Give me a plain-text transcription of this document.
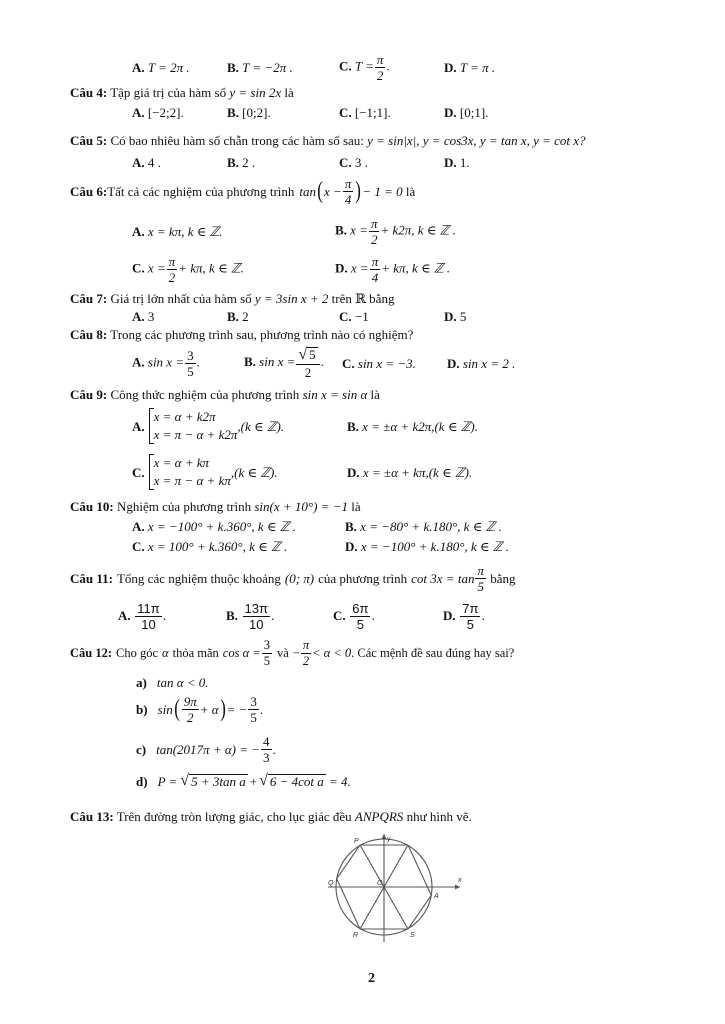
A. T = 2π .	B. T = −2π .	C. $T = \frac{\pi}{2}$ .	D. T = π .
Câu 4: Tập giá trị của hàm số y = sin 2x là
A. [−2;2].	B. [0;2].	C. [−1;1].	D. [0;1].
Câu 5: Có bao nhiêu hàm số chẵn trong các hàm số sau: y = sin|x|, y = cos3x, y = tan x, y = cot x?
A. 4 .	B. 2 .	C. 3 .	D. 1.
Câu 6: Tất cả các nghiệm của phương trình tan ( $x - \frac{\pi}{4}$ ) − 1 = 0
là
A. x = kπ, k ∈ ℤ.	B. $x = \frac{\pi}{2} + k2\pi$, k ∈ ℤ .
C. $x = \frac{\pi}{2} + k\pi$, k ∈ ℤ.	D. $x = \frac{\pi}{4} + k\pi$, k ∈ ℤ .
Câu 7: Giá trị lớn nhất của hàm số y = 3sin x + 2 trên ℝ bằng
A. 3	B. 2	C. −1	D. 5
Câu 8: Trong các phương trình sau, phương trình nào có nghiệm?
A. $\sin x = \frac{3}{5}$ .	B. $\sin x = \frac{√ 5}{2}$ .	C. sin x = −3.	D. sin x = 2 .
Câu 9: Công thức nghiệm của phương trình sin x = sin α là
A.
x = α + k2π
x = π − α + k2π
,(k ∈ ℤ).	B. x = ±α + k2π,(k ∈ ℤ).
C.
x = α + kπ
x = π − α + kπ
,(k ∈ ℤ).	D. x = ±α + kπ,(k ∈ ℤ).
Câu 10: Nghiệm của phương trình sin(x + 10°) = −1 là
A. x = −100° + k.360°, k ∈ ℤ .	B. x = −80° + k.180°, k ∈ ℤ .
C. x = 100° + k.360°, k ∈ ℤ .	D. x = −100° + k.180°, k ∈ ℤ .
Câu 11: Tổng các nghiệm thuộc khoảng (0; π) của phương trình $\cot 3x = \tan \frac{\pi}{5}$
bằng
A. $\frac{11\pi}{10}$ .	B. $\frac{13\pi}{10}$ .	C. $\frac{6\pi}{5}$ .	D. $\frac{7\pi}{5}$ .
Câu 12: Cho góc α thỏa mãn $\cos \alpha = \frac{3}{5}$ và − $\frac{\pi}{2} < \alpha < 0$ . Các mệnh đề sau đúng hay sai?
a) tan α < 0.
b) sin ( $\frac{9\pi}{2} + \alpha$ ) = − $\frac{3}{5}$ .
c) tan(2017π + α) = − $\frac{4}{3}$ .
d) P = √ 5 + 3tan a + √ 6 − 4cot a
= 4.
Câu 13: Trên đường tròn lượng giác, cho lục giác đều ANPQRS như hình vẽ.
P
Q	O	x
y
A
R	S
2
